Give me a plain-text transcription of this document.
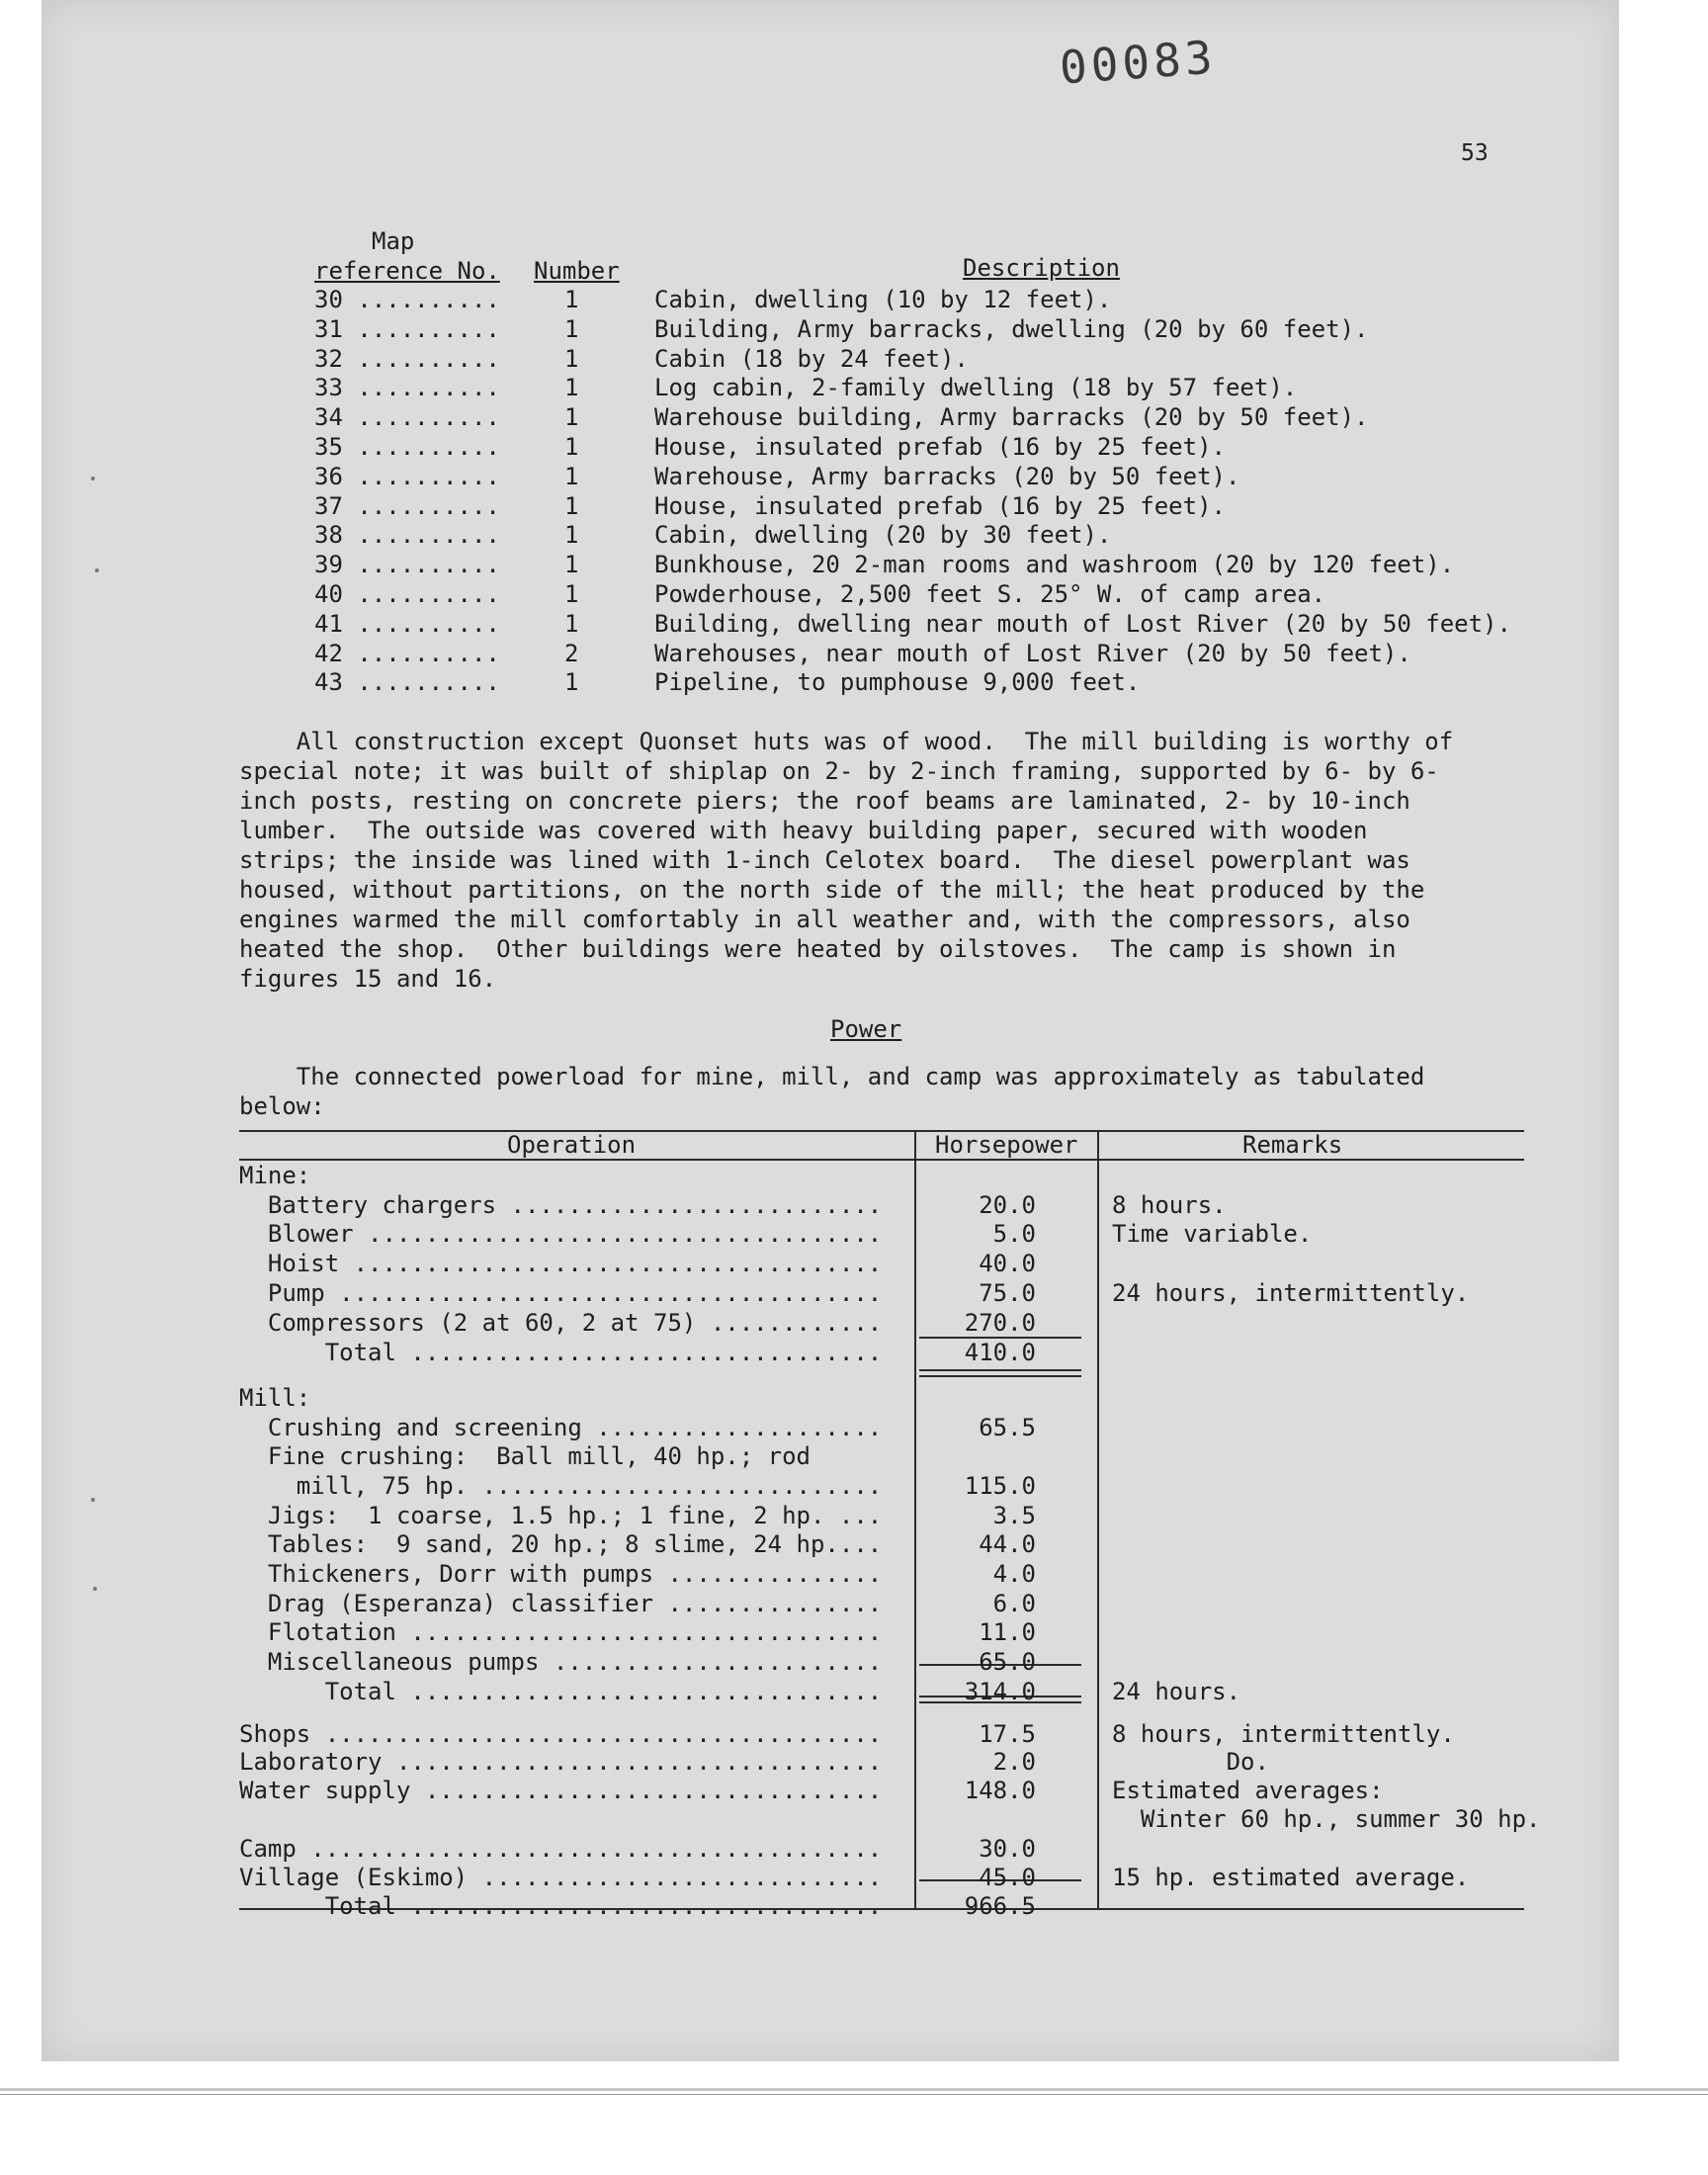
00083
53
Map
reference No. Number	Description
30 ..........	1	Cabin, dwelling (10 by 12 feet).
31 ..........	1	Building, Army barracks, dwelling (20 by 60 feet).
32 ..........	1	Cabin (18 by 24 feet).
33 ..........	1	Log cabin, 2-family dwelling (18 by 57 feet).
34 ..........	1	Warehouse building, Army barracks (20 by 50 feet).
35 ..........	1	House, insulated prefab (16 by 25 feet).
36 ..........	1	Warehouse, Army barracks (20 by 50 feet).
37 ..........	1	House, insulated prefab (16 by 25 feet).
38 ..........	1	Cabin, dwelling (20 by 30 feet).
39 ..........	1	Bunkhouse, 20 2-man rooms and washroom (20 by 120 feet).
40 ..........	1	Powderhouse, 2,500 feet S. 25° W. of camp area.
41 ..........	1	Building, dwelling near mouth of Lost River (20 by 50 feet).
42 ..........	2	Warehouses, near mouth of Lost River (20 by 50 feet).
43 ..........	1	Pipeline, to pumphouse 9,000 feet.
All construction except Quonset huts was of wood.  The mill building is worthy of
special note; it was built of shiplap on 2- by 2-inch framing, supported by 6- by 6-
inch posts, resting on concrete piers; the roof beams are laminated, 2- by 10-inch
lumber.  The outside was covered with heavy building paper, secured with wooden
strips; the inside was lined with 1-inch Celotex board.  The diesel powerplant was
housed, without partitions, on the north side of the mill; the heat produced by the
engines warmed the mill comfortably in all weather and, with the compressors, also
heated the shop.  Other buildings were heated by oilstoves.  The camp is shown in
figures 15 and 16.
Power
The connected powerload for mine, mill, and camp was approximately as tabulated
below:
Operation	Horsepower	Remarks
Mine:
Battery chargers ..........................	20.0	8 hours.
Blower ....................................	5.0	Time variable.
Hoist .....................................	40.0
Pump ......................................	75.0	24 hours, intermittently.
Compressors (2 at 60, 2 at 75) ............	270.0
Total .................................	410.0
Mill:
Crushing and screening ....................	65.5
Fine crushing:  Ball mill, 40 hp.; rod
mill, 75 hp. ............................	115.0
Jigs:  1 coarse, 1.5 hp.; 1 fine, 2 hp. ...	3.5
Tables:  9 sand, 20 hp.; 8 slime, 24 hp....	44.0
Thickeners, Dorr with pumps ...............	4.0
Drag (Esperanza) classifier ...............	6.0
Flotation .................................	11.0
Miscellaneous pumps .......................	65.0
Total .................................	314.0	24 hours.
Shops .......................................	17.5	8 hours, intermittently.
Laboratory ..................................	2.0	Do.
Water supply ................................	148.0	Estimated averages:
Winter 60 hp., summer 30 hp.
Camp ........................................	30.0
Village (Eskimo) ............................	45.0	15 hp. estimated average.
Total .................................	966.5
